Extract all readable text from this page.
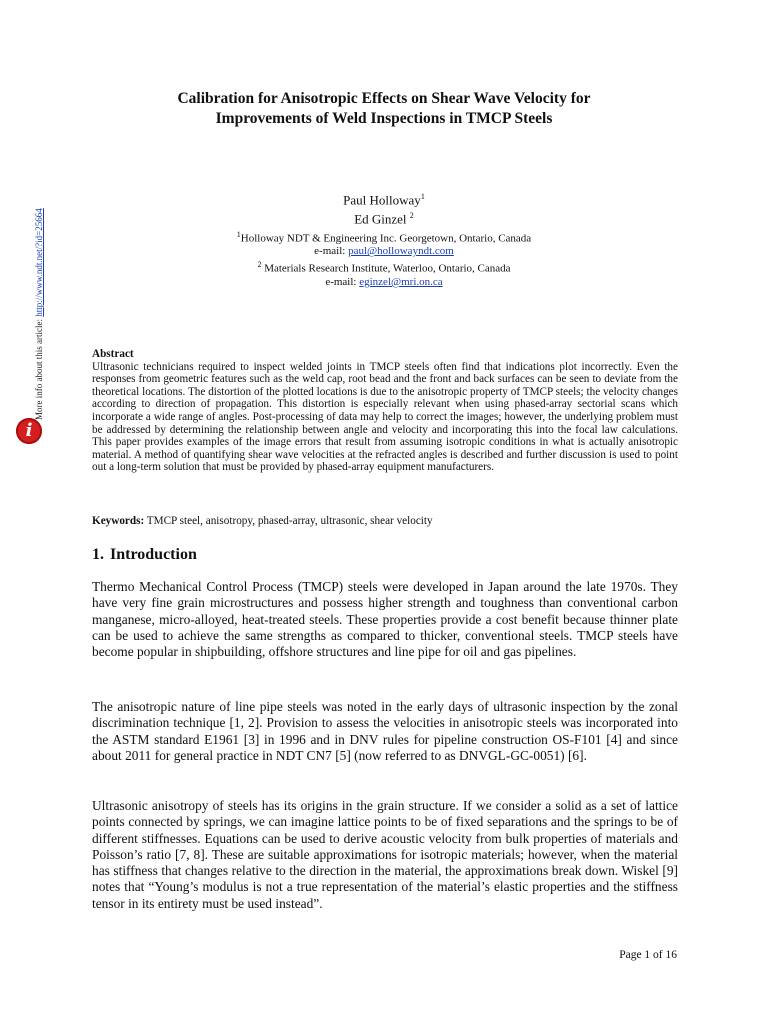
More info about this article: http://www.ndt.net/?id=25664
i
Calibration for Anisotropic Effects on Shear Wave Velocity for
Improvements of Weld Inspections in TMCP Steels
Paul Holloway$^1$
Ed Ginzel $^2$
$^1$Holloway NDT & Engineering Inc. Georgetown, Ontario, Canada
e-mail: paul@hollowayndt.com
$^2$ Materials Research Institute, Waterloo, Ontario, Canada
e-mail: eginzel@mri.on.ca
Abstract
Ultrasonic technicians required to inspect welded joints in TMCP steels often find that indications plot incorrectly. Even the responses from geometric features such as the weld cap, root bead and the front and back surfaces can be seen to deviate from the theoretical locations. The distortion of the plotted locations is due to the anisotropic property of TMCP steels; the velocity changes according to direction of propagation. This distortion is especially relevant when using phased-array sectorial scans which incorporate a wide range of angles. Post-processing of data may help to correct the images; however, the underlying problem must be addressed by determining the relationship between angle and velocity and incorporating this into the focal law calculations. This paper provides examples of the image errors that result from assuming isotropic conditions in what is actually anisotropic material. A method of quantifying shear wave velocities at the refracted angles is described and further discussion is used to point out a long-term solution that must be provided by phased-array equipment manufacturers.
Keywords: TMCP steel, anisotropy, phased-array, ultrasonic, shear velocity
1. Introduction
Thermo Mechanical Control Process (TMCP) steels were developed in Japan around the late 1970s. They have very fine grain microstructures and possess higher strength and toughness than conventional carbon manganese, micro-alloyed, heat-treated steels. These properties provide a cost benefit because thinner plate can be used to achieve the same strengths as compared to thicker, conventional steels. TMCP steels have become popular in shipbuilding, offshore structures and line pipe for oil and gas pipelines.
The anisotropic nature of line pipe steels was noted in the early days of ultrasonic inspection by the zonal discrimination technique [1, 2]. Provision to assess the velocities in anisotropic steels was incorporated into the ASTM standard E1961 [3] in 1996 and in DNV rules for pipeline construction OS-F101 [4] and since about 2011 for general practice in NDT CN7 [5] (now referred to as DNVGL-GC-0051) [6].
Ultrasonic anisotropy of steels has its origins in the grain structure. If we consider a solid as a set of lattice points connected by springs, we can imagine lattice points to be of fixed separations and the springs to be of different stiffnesses. Equations can be used to derive acoustic velocity from bulk properties of materials and Poisson’s ratio [7, 8]. These are suitable approximations for isotropic materials; however, when the material has stiffness that changes relative to the direction in the material, the approximations break down. Wiskel [9] notes that “Young’s modulus is not a true representation of the material’s elastic properties and the stiffness tensor in its entirety must be used instead”.
Page 1 of 16
